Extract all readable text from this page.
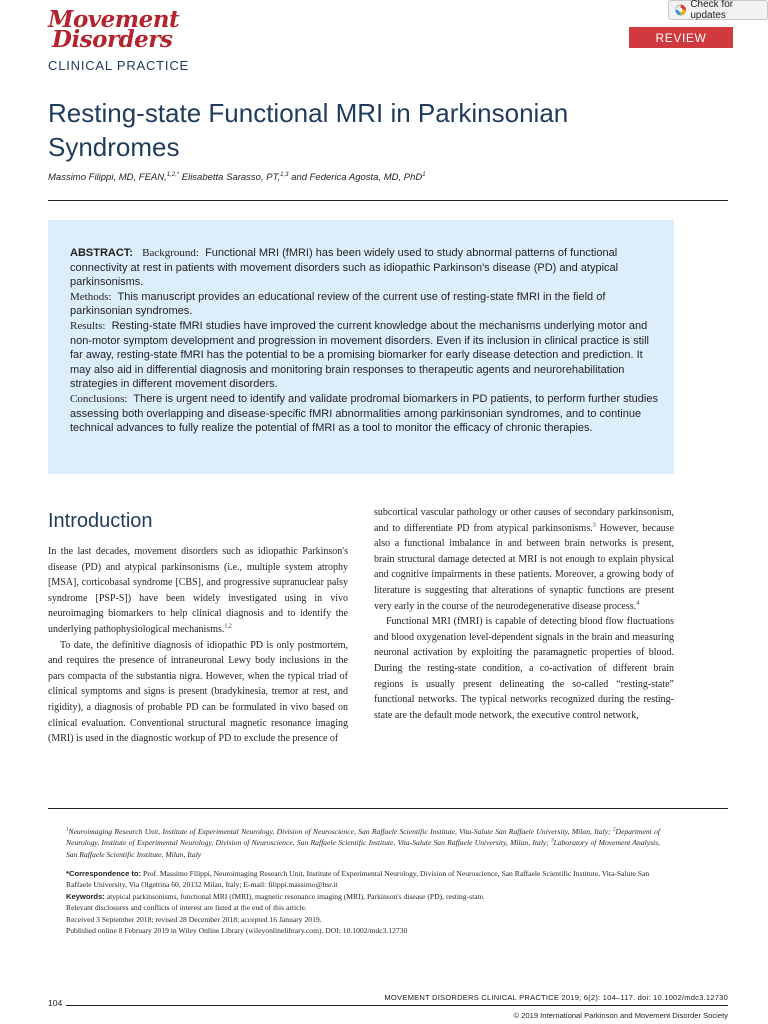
Movement
Disorders
Check for updates
REVIEW
CLINICAL PRACTICE
Resting-state Functional MRI in Parkinsonian Syndromes
Massimo Filippi, MD, FEAN,$^{1,2,*}$ Elisabetta Sarasso, PT,$^{1,3}$ and Federica Agosta, MD, PhD$^1$

ABSTRACT: Background: Functional MRI (fMRI) has been widely used to study abnormal patterns of functional connectivity at rest in patients with movement disorders such as idiopathic Parkinson's disease (PD) and atypical parkinsonisms.

Methods: This manuscript provides an educational review of the current use of resting-state fMRI in the field of parkinsonian syndromes.

Results: Resting-state fMRI studies have improved the current knowledge about the mechanisms underlying motor and non-motor symptom development and progression in movement disorders. Even if its inclusion in clinical practice is still far away, resting-state fMRI has the potential to be a promising biomarker for early disease detection and prediction. It may also aid in differential diagnosis and monitoring brain responses to therapeutic agents and neurorehabilitation strategies in different movement disorders.

Conclusions: There is urgent need to identify and validate prodromal biomarkers in PD patients, to perform further studies assessing both overlapping and disease-specific fMRI abnormalities among parkinsonian syndromes, and to continue technical advances to fully realize the potential of fMRI as a tool to monitor the efficacy of chronic therapies.

Introduction

In the last decades, movement disorders such as idiopathic Parkinson's disease (PD) and atypical parkinsonisms (i.e., multiple system atrophy [MSA], corticobasal syndrome [CBS], and progressive supranuclear palsy syndrome [PSP-S]) have been widely investigated using in vivo neuroimaging biomarkers to help clinical diagnosis and to identify the underlying pathophysiological mechanisms.$^{1,2}$

To date, the definitive diagnosis of idiopathic PD is only postmortem, and requires the presence of intraneuronal Lewy body inclusions in the pars compacta of the substantia nigra. However, when the typical triad of clinical symptoms and signs is present (bradykinesia, tremor at rest, and rigidity), a diagnosis of probable PD can be formulated in vivo based on clinical evaluation. Conventional structural magnetic resonance imaging (MRI) is used in the diagnostic workup of PD to exclude the presence of

subcortical vascular pathology or other causes of secondary parkinsonism, and to differentiate PD from atypical parkinsonisms.$^3$ However, because also a functional imbalance in and between brain networks is present, brain structural damage detected at MRI is not enough to explain physical and cognitive impairments in these patients. Moreover, a growing body of literature is suggesting that alterations of synaptic functions are present very early in the course of the neurodegenerative disease process.$^4$

Functional MRI (fMRI) is capable of detecting blood flow fluctuations and blood oxygenation level-dependent signals in the brain and measuring neuronal activation by exploiting the paramagnetic properties of blood. During the resting-state condition, a co-activation of different brain regions is usually present delineating the so-called “resting-state” functional networks. The typical networks recognized during the resting-state are the default mode network, the executive control network,

$^1$Neuroimaging Research Unit, Institute of Experimental Neurology, Division of Neuroscience, San Raffaele Scientific Institute, Vita-Salute San Raffaele University, Milan, Italy; $^2$Department of Neurology, Institute of Experimental Neurology, Division of Neuroscience, San Raffaele Scientific Institute, Vita-Salute San Raffaele University, Milan, Italy; $^3$Laboratory of Movement Analysis, San Raffaele Scientific Institute, Milan, Italy
*Correspondence to: Prof. Massimo Filippi, Neuroimaging Research Unit, Institute of Experimental Neurology, Division of Neuroscience, San Raffaele Scientific Institute, Vita-Salute San Raffaele University, Via Olgettina 60, 20132 Milan, Italy; E-mail: filippi.massimo@hsr.it
Keywords: atypical parkinsonisms, functional MRI (fMRI), magnetic resonance imaging (MRI), Parkinson's disease (PD), resting-state.
Relevant disclosures and conflicts of interest are listed at the end of this article.
Received 3 September 2018; revised 28 December 2018; accepted 16 January 2019.
Published online 8 February 2019 in Wiley Online Library (wileyonlinelibrary.com). DOI: 10.1002/mdc3.12730
104
MOVEMENT DISORDERS CLINICAL PRACTICE 2019; 6(2): 104–117. doi: 10.1002/mdc3.12730
© 2019 International Parkinson and Movement Disorder Society
